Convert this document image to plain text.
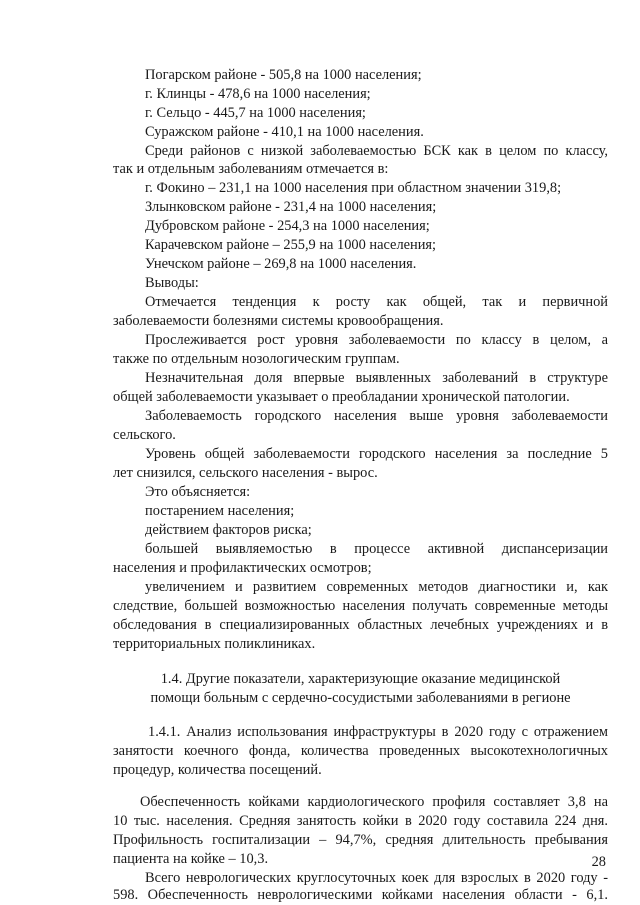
Погарском районе - 505,8 на 1000 населения;
г. Клинцы - 478,6 на 1000 населения;
г. Сельцо - 445,7 на 1000 населения;
Суражском районе - 410,1 на 1000 населения.
Среди районов с низкой заболеваемостью БСК как в целом по классу,
так и отдельным заболеваниям отмечается в:
г. Фокино – 231,1 на 1000 населения при областном значении 319,8;
Злынковском районе - 231,4 на 1000 населения;
Дубровском районе - 254,3 на 1000 населения;
Карачевском районе – 255,9 на 1000 населения;
Унечском районе – 269,8 на 1000 населения.
Выводы:
Отмечается тенденция к росту как общей, так и первичной
заболеваемости болезнями системы кровообращения.
Прослеживается рост уровня заболеваемости по классу в целом, а
также по отдельным нозологическим группам.
Незначительная доля впервые выявленных заболеваний в структуре
общей заболеваемости указывает о преобладании хронической патологии.
Заболеваемость городского населения выше уровня заболеваемости
сельского.
Уровень общей заболеваемости городского населения за последние 5
лет снизился, сельского населения - вырос.
Это объясняется:
постарением населения;
действием факторов риска;
большей выявляемостью в процессе активной диспансеризации
населения и профилактических осмотров;
увеличением и развитием современных методов диагностики и, как
следствие, большей возможностью населения получать современные методы
обследования в специализированных областных лечебных учреждениях и в
территориальных поликлиниках.
1.4. Другие показатели, характеризующие оказание медицинской
помощи больным с сердечно-сосудистыми заболеваниями в регионе
1.4.1. Анализ использования инфраструктуры в 2020 году с отражением
занятости коечного фонда, количества проведенных высокотехнологичных
процедур, количества посещений.
Обеспеченность койками кардиологического профиля составляет 3,8 на
10 тыс. населения. Средняя занятость койки в 2020 году составила 224 дня.
Профильность госпитализации – 94,7%, средняя длительность пребывания
пациента на койке – 10,3.
Всего неврологических круглосуточных коек для взрослых в 2020 году -
598. Обеспеченность неврологическими койками населения области - 6,1.
28
